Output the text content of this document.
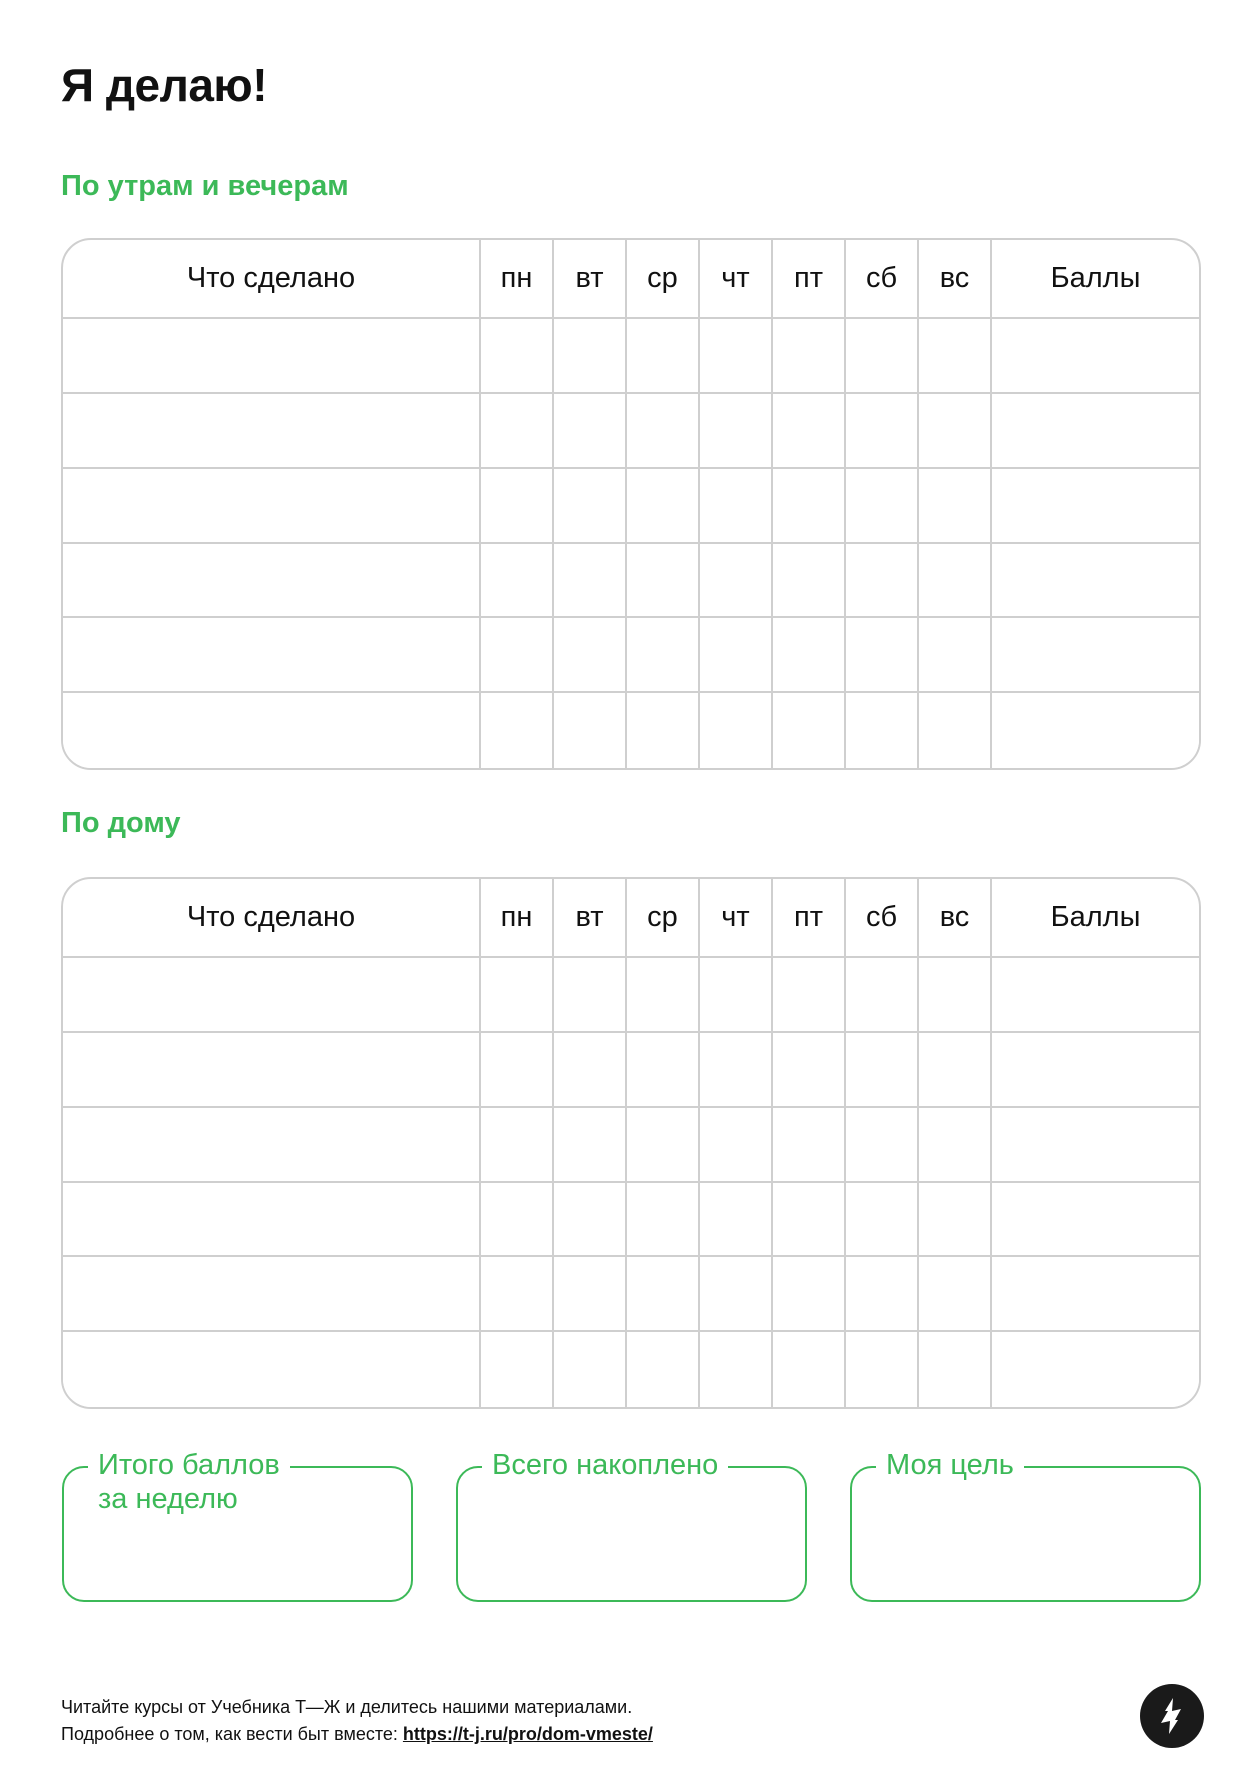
Я делаю!
По утрам и вечерам
Что сделано	пн	вт	ср	чт	пт	сб	вс	Баллы
По дому
Что сделано	пн	вт	ср	чт	пт	сб	вс	Баллы
Итого баллов
за неделю
Всего накоплено	Моя цель
Читайте курсы от Учебника Т—Ж и делитесь нашими материалами.
Подробнее о том, как вести быт вместе: https://t-j.ru/pro/dom-vmeste/
